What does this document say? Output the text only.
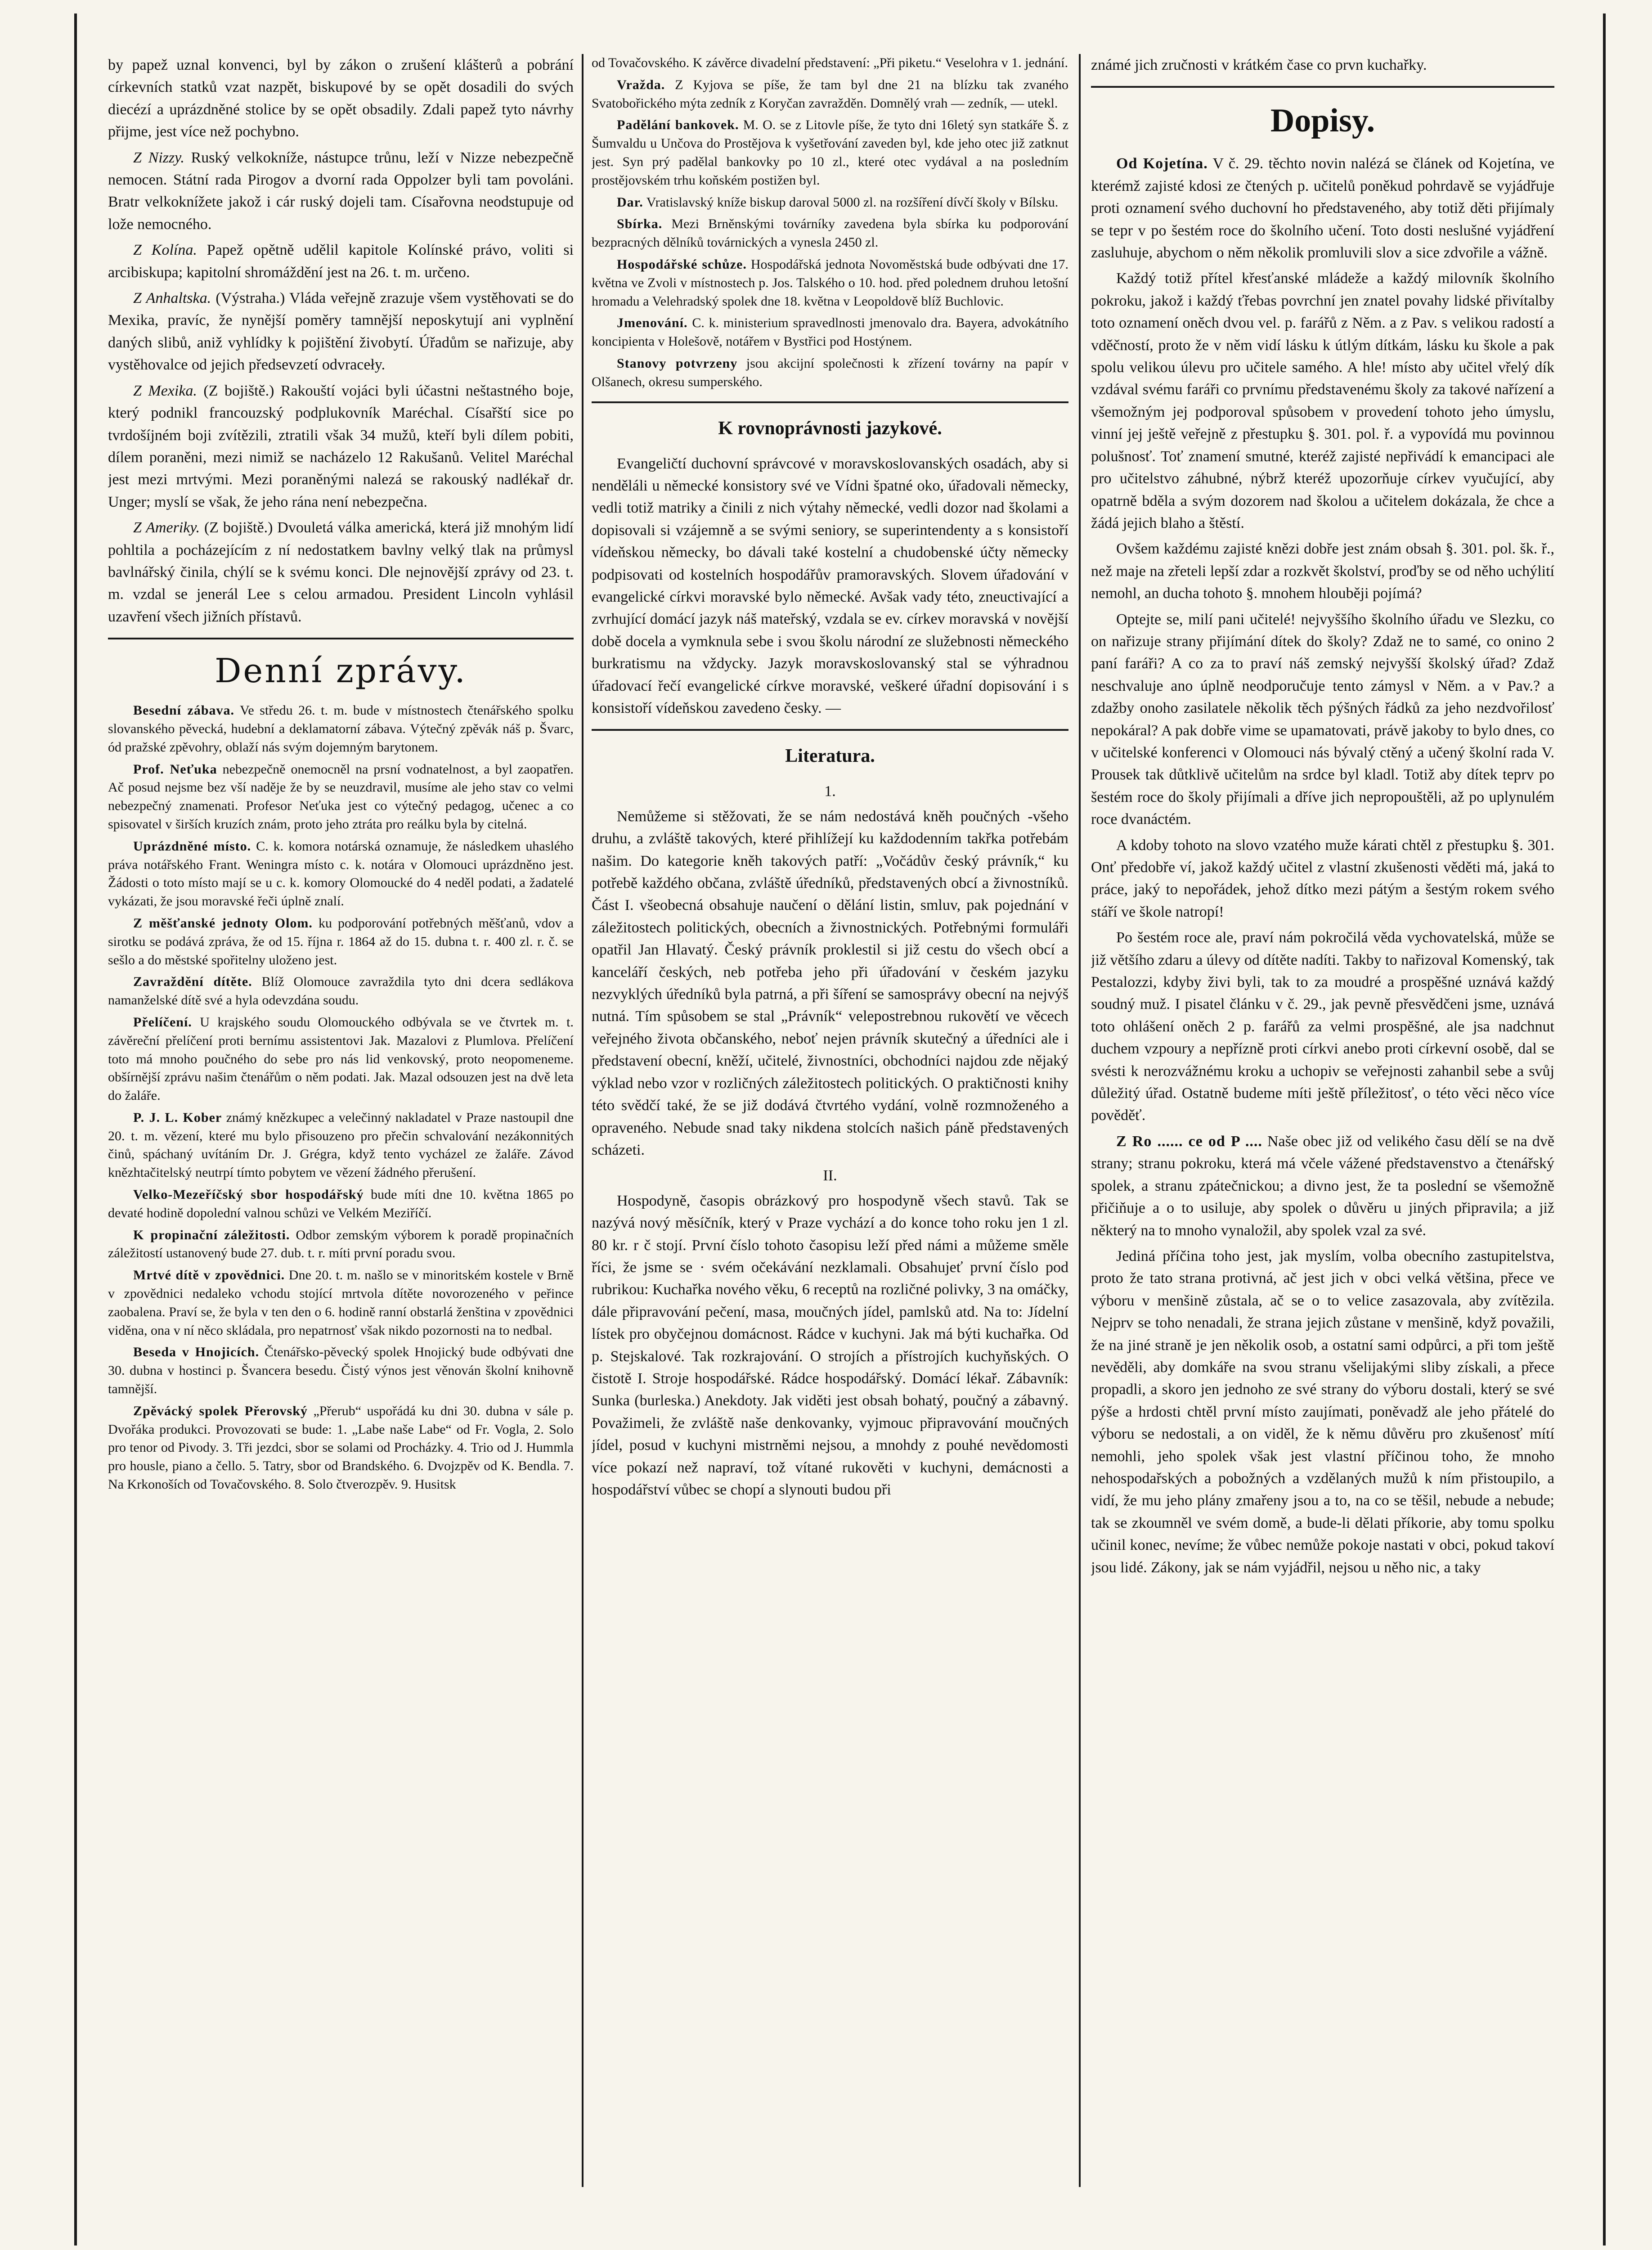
by papež uznal konvenci, byl by zákon o zrušení klášterů a pobrání církevních statků vzat nazpět, biskupové by se opět dosadili do svých diecézí a uprázdněné stolice by se opět obsadily. Zdali papež tyto návrhy přijme, jest více než pochybno.

Z Nizzy. Ruský velkokníže, nástupce trůnu, leží v Nizze nebezpečně nemocen. Státní rada Pirogov a dvorní rada Oppolzer byli tam povoláni. Bratr velkoknížete jakož i cár ruský dojeli tam. Císařovna neodstupuje od lože nemocného.

Z Kolína. Papež opětně udělil kapitole Kolínské právo, voliti si arcibiskupa; kapitolní shromáždění jest na 26. t. m. určeno.

Z Anhaltska. (Výstraha.) Vláda veřejně zrazuje všem vystěhovati se do Mexika, pravíc, že nynější poměry tamnější neposkytují ani vyplnění daných slibů, aniž vyhlídky k pojištění živobytí. Úřadům se nařizuje, aby vystěhovalce od jejich předsevzetí odvraceły.

Z Mexika. (Z bojiště.) Rakouští vojáci byli účastni neštastného boje, který podnikl francouzský podplukovník Maréchal. Císařští sice po tvrdošíjném boji zvítězili, ztratili však 34 mužů, kteří byli dílem pobiti, dílem poraněni, mezi nimiž se nacházelo 12 Rakušanů. Velitel Maréchal jest mezi mrtvými. Mezi poraněnými nalezá se rakouský nadlékař dr. Unger; myslí se však, že jeho rána není nebezpečna.

Z Ameriky. (Z bojiště.) Dvouletá válka americká, která již mnohým lidí pohltila a pocházejícím z ní nedostatkem bavlny velký tlak na průmysl bavlnářský činila, chýlí se k svému konci. Dle nejnovější zprávy od 23. t. m. vzdal se jenerál Lee s celou armadou. President Lincoln vyhlásil uzavření všech jižních přístavů.

Denní zprávy.

Besední zábava. Ve středu 26. t. m. bude v místnostech čtenářského spolku slovanského pěvecká, hudební a deklamatorní zábava. Výtečný zpěvák náš p. Švarc, ód pražské zpěvohry, oblaží nás svým dojemným barytonem.

Prof. Neťuka nebezpečně onemocněl na prsní vodnatelnost, a byl zaopatřen. Ač posud nejsme bez vší naděje že by se neuzdravil, musíme ale jeho stav co velmi nebezpečný znamenati. Profesor Neťuka jest co výtečný pedagog, učenec a co spisovatel v širších kruzích znám, proto jeho ztráta pro reálku byla by citelná.

Uprázdněné místo. C. k. komora notárská oznamuje, že následkem uhaslého práva notářského Frant. Weningra místo c. k. notára v Olomouci uprázdněno jest. Žádosti o toto místo mají se u c. k. komory Olomoucké do 4 neděl podati, a žadatelé vykázati, že jsou moravské řeči úplně znalí.

Z měšťanské jednoty Olom. ku podporování potřebných měšťanů, vdov a sirotku se podává zpráva, že od 15. října r. 1864 až do 15. dubna t. r. 400 zl. r. č. se sešlo a do městské spořitelny uloženo jest.

Zavraždění dítěte. Blíž Olomouce zavraždila tyto dni dcera sedlákova namanželské dítě své a hyla odevzdána soudu.

Přelíčení. U krajského soudu Olomouckého odbývala se ve čtvrtek m. t. závěreční přelíčení proti bernímu assistentovi Jak. Mazalovi z Plumlova. Přelíčení toto má mnoho poučného do sebe pro nás lid venkovský, proto neopomeneme. obšírnější zprávu našim čtenářům o něm podati. Jak. Mazal odsouzen jest na dvě leta do žaláře.

P. J. L. Kober známý knězkupec a velečinný nakladatel v Praze nastoupil dne 20. t. m. vězení, které mu bylo přisouzeno pro přečin schvalování nezákonnitých činů, spáchaný uvítáním Dr. J. Grégra, když tento vycházel ze žaláře. Závod knězhtačitelský neutrpí tímto pobytem ve vězení žádného přerušení.

Velko-Mezeříčský sbor hospodářský bude míti dne 10. května 1865 po devaté hodině dopolední valnou schůzi ve Velkém Meziříčí.

K propinační záležitosti. Odbor zemským výborem k poradě propinačních záležitostí ustanovený bude 27. dub. t. r. míti první poradu svou.

Mrtvé dítě v zpovědnici. Dne 20. t. m. našlo se v minoritském kostele v Brně v zpovědnici nedaleko vchodu stojící mrtvola dítěte novorozeného v peřince zaobalena. Praví se, že byla v ten den o 6. hodině ranní obstarlá ženština v zpovědnici viděna, ona v ní něco skládala, pro nepatrnosť však nikdo pozornosti na to nedbal.

Beseda v Hnojicích. Čtenářsko-pěvecký spolek Hnojický bude odbývati dne 30. dubna v hostinci p. Švancera besedu. Čistý výnos jest věnován školní knihovně tamnější.

Zpěvácký spolek Přerovský „Přerub“ uspořádá ku dni 30. dubna v sále p. Dvořáka produkci. Provozovati se bude: 1. „Labe naše Labe“ od Fr. Vogla, 2. Solo pro tenor od Pivody. 3. Tři jezdci, sbor se solami od Procházky. 4. Trio od J. Hummla pro housle, piano a čello. 5. Tatry, sbor od Brandského. 6. Dvojzpěv od K. Bendla. 7. Na Krkonoších od Tovačovského. 8. Solo čtverozpěv. 9. Husitsk

od Tovačovského. K závěrce divadelní představení: „Při piketu.“ Veselohra v 1. jednání.

Vražda. Z Kyjova se píše, že tam byl dne 21 na blízku tak zvaného Svatobořického mýta zedník z Koryčan zavražděn. Domnělý vrah — zedník, — utekl.

Padělání bankovek. M. O. se z Litovle píše, že tyto dni 16letý syn statkáře Š. z Šumvaldu u Unčova do Prostějova k vyšetřování zaveden byl, kde jeho otec již zatknut jest. Syn prý padělal bankovky po 10 zl., které otec vydával a na posledním prostějovském trhu koňském postižen byl.

Dar. Vratislavský kníže biskup daroval 5000 zl. na rozšíření dívčí školy v Bílsku.

Sbírka. Mezi Brněnskými továrníky zavedena byla sbírka ku podporování bezpracných dělníků továrnických a vynesla 2450 zl.

Hospodářské schůze. Hospodářská jednota Novoměstská bude odbývati dne 17. května ve Zvoli v místnostech p. Jos. Talského o 10. hod. před polednem druhou letošní hromadu a Velehradský spolek dne 18. května v Leopoldově blíž Buchlovic.

Jmenování. C. k. ministerium spravedlnosti jmenovalo dra. Bayera, advokátního koncipienta v Holešově, notářem v Bystřici pod Hostýnem.

Stanovy potvrzeny jsou akcijní společnosti k zřízení továrny na papír v Olšanech, okresu sumperského.

K rovnoprávnosti jazykové.

Evangeličtí duchovní správcové v moravskoslovanských osadách, aby si nenděláli u německé konsistory své ve Vídni špatné oko, úřadovali německy, vedli totiž matriky a činili z nich výtahy německé, vedli dozor nad školami a dopisovali si vzájemně a se svými seniory, se superintendenty a s konsistoří vídeňskou německy, bo dávali také kostelní a chudobenské účty německy podpisovati od kostelních hospodářův pramoravských. Slovem úřadování v evangelické církvi moravské bylo německé. Avšak vady této, zneuctivající a zvrhující domácí jazyk náš mateřský, vzdala se ev. církev moravská v novější době docela a vymknula sebe i svou školu národní ze služebnosti německého burkratismu na vždycky. Jazyk moravskoslovanský stal se výhradnou úřadovací řečí evangelické církve moravské, veškeré úřadní dopisování i s konsistoří vídeňskou zavedeno česky. —

Literatura.
1.

Nemůžeme si stěžovati, že se nám nedostává kněh poučných -všeho druhu, a zvláště takových, které přihlížejí ku každodenním takřka potřebám našim. Do kategorie kněh takových patří: „Vočádův český právník,“ ku potřebě každého občana, zvláště úředníků, představených obcí a živnostníků. Část I. všeobecná obsahuje naučení o dělání listin, smluv, pak pojednání v záležitostech politických, obecních a živnostnických. Potřebnými formuláři opatřil Jan Hlavatý. Český právník proklestil si již cestu do všech obcí a kanceláří českých, neb potřeba jeho při úřadování v českém jazyku nezvyklých úředníků byla patrná, a při šíření se samosprávy obecní na nejvýš nutná. Tím spůsobem se stal „Právník“ velepostrebnou rukovětí ve věcech veřejného života občanského, neboť nejen právník skutečný a úředníci ale i představení obecní, kněží, učitelé, živnostníci, obchodníci najdou zde nějaký výklad nebo vzor v rozličných záležitostech politických. O praktičnosti knihy této svědčí také, že se již dodává čtvrtého vydání, volně rozmnoženého a opraveného. Nebude snad taky nikdena stolcích našich páně představených scházeti.

II.

Hospodyně, časopis obrázkový pro hospodyně všech stavů. Tak se nazývá nový měsíčník, který v Praze vychází a do konce toho roku jen 1 zl. 80 kr. r č stojí. První číslo tohoto časopisu leží před námi a můžeme směle říci, že jsme se · svém očekávání nezklamali. Obsahujeť první číslo pod rubrikou: Kuchařka nového věku, 6 receptů na rozličné polivky, 3 na omáčky, dále připravování pečení, masa, moučných jídel, pamlsků atd. Na to: Jídelní lístek pro obyčejnou domácnost. Rádce v kuchyni. Jak má býti kuchařka. Od p. Stejskalové. Tak rozkrajování. O strojích a přístrojích kuchyňských. O čistotě I. Stroje hospodářské. Rádce hospodářský. Domácí lékař. Zábavník: Sunka (burleska.) Anekdoty. Jak viděti jest obsah bohatý, poučný a zábavný. Považimeli, že zvláště naše denkovanky, vyjmouc připravování moučných jídel, posud v kuchyni mistrněmi nejsou, a mnohdy z pouhé nevědomosti více pokazí než napraví, tož vítané rukověti v kuchyni, demácnosti a hospodářství vůbec se chopí a slynouti budou při

známé jich zručnosti v krátkém čase co prvn kuchařky.

Dopisy.

Od Kojetína. V č. 29. těchto novin nalézá se článek od Kojetína, ve kterémž zajisté kdosi ze čtených p. učitelů poněkud pohrdavě se vyjádřuje proti oznamení svého duchovní ho představeného, aby totiž děti přijímaly se tepr v po šestém roce do školního učení. Toto dosti neslušné vyjádření zasluhuje, abychom o něm několik promluvili slov a sice zdvořile a vážně.

Každý totiž přítel křesťanské mládeže a každý milovník školního pokroku, jakož i každý ťřebas povrchní jen znatel povahy lidské přivítalby toto oznamení oněch dvou vel. p. farářů z Něm. a z Pav. s velikou radostí a vděčností, proto že v něm vidí lásku k útlým dítkám, lásku ku škole a pak spolu velikou úlevu pro učitele samého. A hle! místo aby učitel vřelý dík vzdával svému faráři co prvnímu představenému školy za takové nařízení a všemožným jej podporoval spůsobem v provedení tohoto jeho úmyslu, vinní jej ještě veřejně z přestupku §. 301. pol. ř. a vypovídá mu povinnou polušnosť. Toť znamení smutné, kteréž zajisté nepřivádí k emancipaci ale pro učitelstvo záhubné, nýbrž kteréž upozorňuje církev vyučující, aby opatrně bděla a svým dozorem nad školou a učitelem dokázala, že chce a žádá jejich blaho a štěstí.

Ovšem každému zajisté knězi dobře jest znám obsah §. 301. pol. šk. ř., než maje na zřeteli lepší zdar a rozkvět školství, proďby se od něho uchýlití nemohl, an ducha tohoto §. mnohem hlouběji pojímá?

Optejte se, milí pani učitelé! nejvyššího školního úřadu ve Slezku, co on nařizuje strany přijímání dítek do školy? Zdaž ne to samé, co onino 2 paní faráři? A co za to praví náš zemský nejvyšší školský úřad? Zdaž neschvaluje ano úplně neodporučuje tento zámysl v Něm. a v Pav.? a zdažby onoho zasilatele několik těch pýšných řádků za jeho nezdvořilosť nepokáral? A pak dobře vime se upamatovati, právě jakoby to bylo dnes, co v učitelské konferenci v Olomouci nás bývalý ctěný a učený školní rada V. Prousek tak důtklivě učitelům na srdce byl kladl. Totiž aby dítek teprv po šestém roce do školy přijímali a dříve jich nepropouštěli, až po uplynulém roce dvanáctém.

A kdoby tohoto na slovo vzatého muže kárati chtěl z přestupku §. 301. Onť předobře ví, jakož každý učitel z vlastní zkušenosti věděti má, jaká to práce, jaký to nepořádek, jehož dítko mezi pátým a šestým rokem svého stáří ve škole natropí!

Po šestém roce ale, praví nám pokročilá věda vychovatelská, může se již většího zdaru a úlevy od dítěte nadíti. Takby to nařizoval Komenský, tak Pestalozzi, kdyby živi byli, tak to za moudré a prospěšné uznává každý soudný muž. I pisatel článku v č. 29., jak pevně přesvědčeni jsme, uznává toto ohlášení oněch 2 p. farářů za velmi prospěšné, ale jsa nadchnut duchem vzpoury a nepřízně proti církvi anebo proti církevní osobě, dal se svésti k nerozvážnému kroku a uchopiv se veřejnosti zahanbil sebe a svůj důležitý úřad. Ostatně budeme míti ještě příležitosť, o této věci něco více pověděť.

Z Ro ...... ce od P .... Naše obec již od velikého času dělí se na dvě strany; stranu pokroku, která má včele vážené představenstvo a čtenářský spolek, a stranu zpátečnickou; a divno jest, že ta poslední se všemožně přičiňuje a o to usiluje, aby spolek o důvěru u jiných připravila; a již některý na to mnoho vynaložil, aby spolek vzal za své.

Jediná příčina toho jest, jak myslím, volba obecního zastupitelstva, proto že tato strana protivná, ač jest jich v obci velká většina, přece ve výboru v menšině zůstala, ač se o to velice zasazovala, aby zvítězila. Nejprv se toho nenadali, že strana jejich zůstane v menšině, když považili, že na jiné straně je jen několik osob, a ostatní sami odpůrci, a při tom ještě nevěděli, aby domkáře na svou stranu všelijakými sliby získali, a přece propadli, a skoro jen jednoho ze své strany do výboru dostali, který se své pýše a hrdosti chtěl první místo zaujímati, poněvadž ale jeho přátelé do výboru se nedostali, a on viděl, že k němu důvěru pro zkušenosť mítí nemohli, jeho spolek však jest vlastní příčinou toho, že mnoho nehospodařských a pobožných a vzdělaných mužů k ním přistoupilo, a vidí, že mu jeho plány zmařeny jsou a to, na co se těšil, nebude a nebude; tak se zkoumněl ve svém domě, a bude-li dělati příkorie, aby tomu spolku učinil konec, nevíme; že vůbec nemůže pokoje nastati v obci, pokud takoví jsou lidé. Zákony, jak se nám vyjádřil, nejsou u něho nic, a taky
